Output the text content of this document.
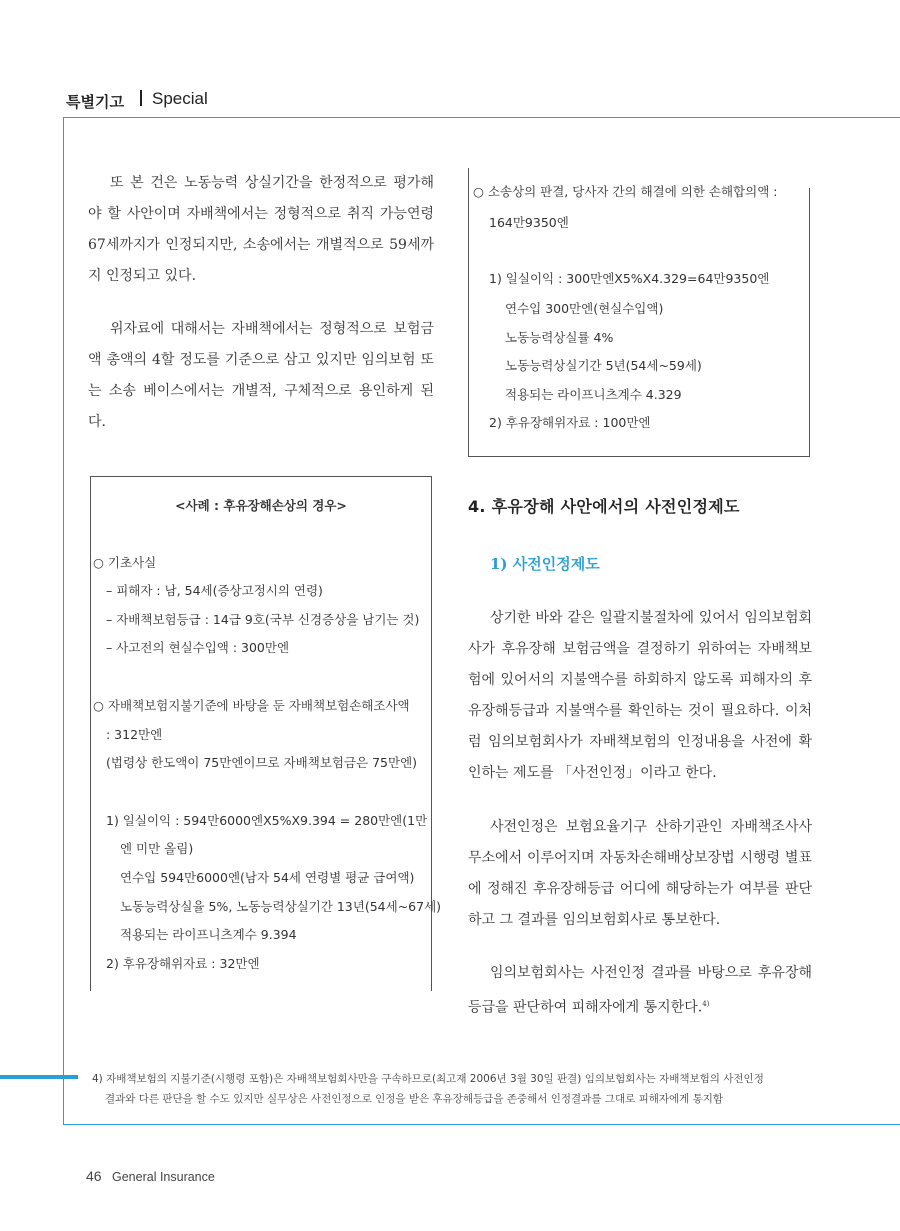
특별기고 Special

또 본 건은 노동능력 상실기간을 한정적으로 평가해야 할 사안이며 자배책에서는 정형적으로 취직 가능연령 67세까지가 인정되지만, 소송에서는 개별적으로 59세까지 인정되고 있다.

위자료에 대해서는 자배책에서는 정형적으로 보험금액 총액의 4할 정도를 기준으로 삼고 있지만 임의보험 또는 소송 베이스에서는 개별적, 구체적으로 용인하게 된다.

○ 소송상의 판결, 당사자 간의 해결에 의한 손해합의액 :
164만9350엔
1) 일실이익 : 300만엔X5%X4.329=64만9350엔
연수입 300만엔(현실수입액)
노동능력상실률 4%
노동능력상실기간 5년(54세~59세)
적용되는 라이프니츠계수 4.329
2) 후유장해위자료 : 100만엔
<사례 : 후유장해손상의 경우>
○ 기초사실
– 피해자 : 남, 54세(증상고정시의 연령)
– 자배책보험등급 : 14급 9호(국부 신경증상을 남기는 것)
– 사고전의 현실수입액 : 300만엔
○ 자배책보험지불기준에 바탕을 둔 자배책보험손해조사액
: 312만엔
(법령상 한도액이 75만엔이므로 자배책보험금은 75만엔)
1) 일실이익 : 594만6000엔X5%X9.394 = 280만엔(1만
엔 미만 올림)
연수입 594만6000엔(남자 54세 연령별 평균 급여액)
노동능력상실율 5%, 노동능력상실기간 13년(54세~67세)
적용되는 라이프니츠계수 9.394
2) 후유장해위자료 : 32만엔
4. 후유장해 사안에서의 사전인정제도
1) 사전인정제도

상기한 바와 같은 일괄지불절차에 있어서 임의보험회사가 후유장해 보험금액을 결정하기 위하여는 자배책보험에 있어서의 지불액수를 하회하지 않도록 피해자의 후유장해등급과 지불액수를 확인하는 것이 필요하다. 이처럼 임의보험회사가 자배책보험의 인정내용을 사전에 확인하는 제도를 「사전인정」이라고 한다.

사전인정은 보험요율기구 산하기관인 자배책조사사무소에서 이루어지며 자동차손해배상보장법 시행령 별표에 정해진 후유장해등급 어디에 해당하는가 여부를 판단하고 그 결과를 임의보험회사로 통보한다.

임의보험회사는 사전인정 결과를 바탕으로 후유장해등급을 판단하여 피해자에게 통지한다.$^{4)}$

4) 자배책보험의 지불기준(시행령 포함)은 자배책보험회사만을 구속하므로(최고재 2006년 3월 30일 판결) 임의보험회사는 자배책보험의 사전인정
결과와 다른 판단을 할 수도 있지만 실무상은 사전인정으로 인정을 받은 후유장해등급을 존중해서 인정결과를 그대로 피해자에게 통지함
46 General Insurance
